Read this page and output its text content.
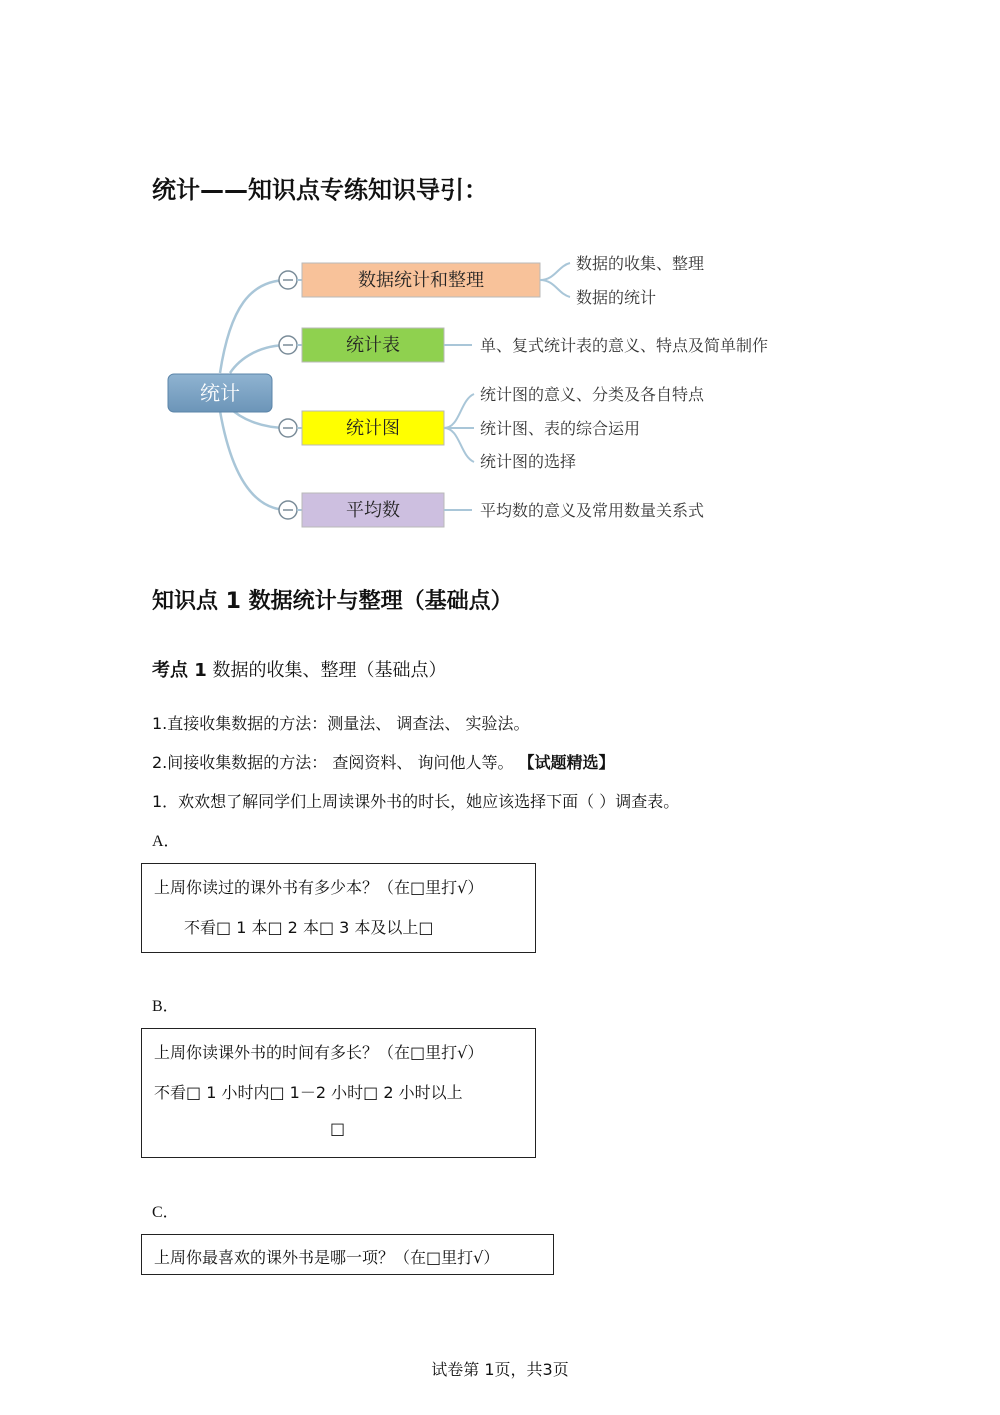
统计——知识点专练知识导引：
统计
数据统计和整理
数据的收集、整理
数据的统计
统计表	单、复式统计表的意义、特点及简单制作
统计图
统计图的意义、分类及各自特点
统计图、表的综合运用
统计图的选择
平均数	平均数的意义及常用数量关系式
知识点 1 数据统计与整理（基础点）
考点 1 数据的收集、整理（基础点）
1.直接收集数据的方法：测量法、 调查法、 实验法。
2.间接收集数据的方法： 查阅资料、 询问他人等。 【试题精选】
1．欢欢想了解同学们上周读课外书的时长，她应该选择下面（ ）调查表。
A．
上周你读过的课外书有多少本？（在□里打√）
不看□ 1 本□ 2 本□ 3 本及以上□
B．
上周你读课外书的时间有多长？（在□里打√）
不看□ 1 小时内□ 1－2 小时□ 2 小时以上
□
C．
上周你最喜欢的课外书是哪一项？（在□里打√）
试卷第 1页，共3页
